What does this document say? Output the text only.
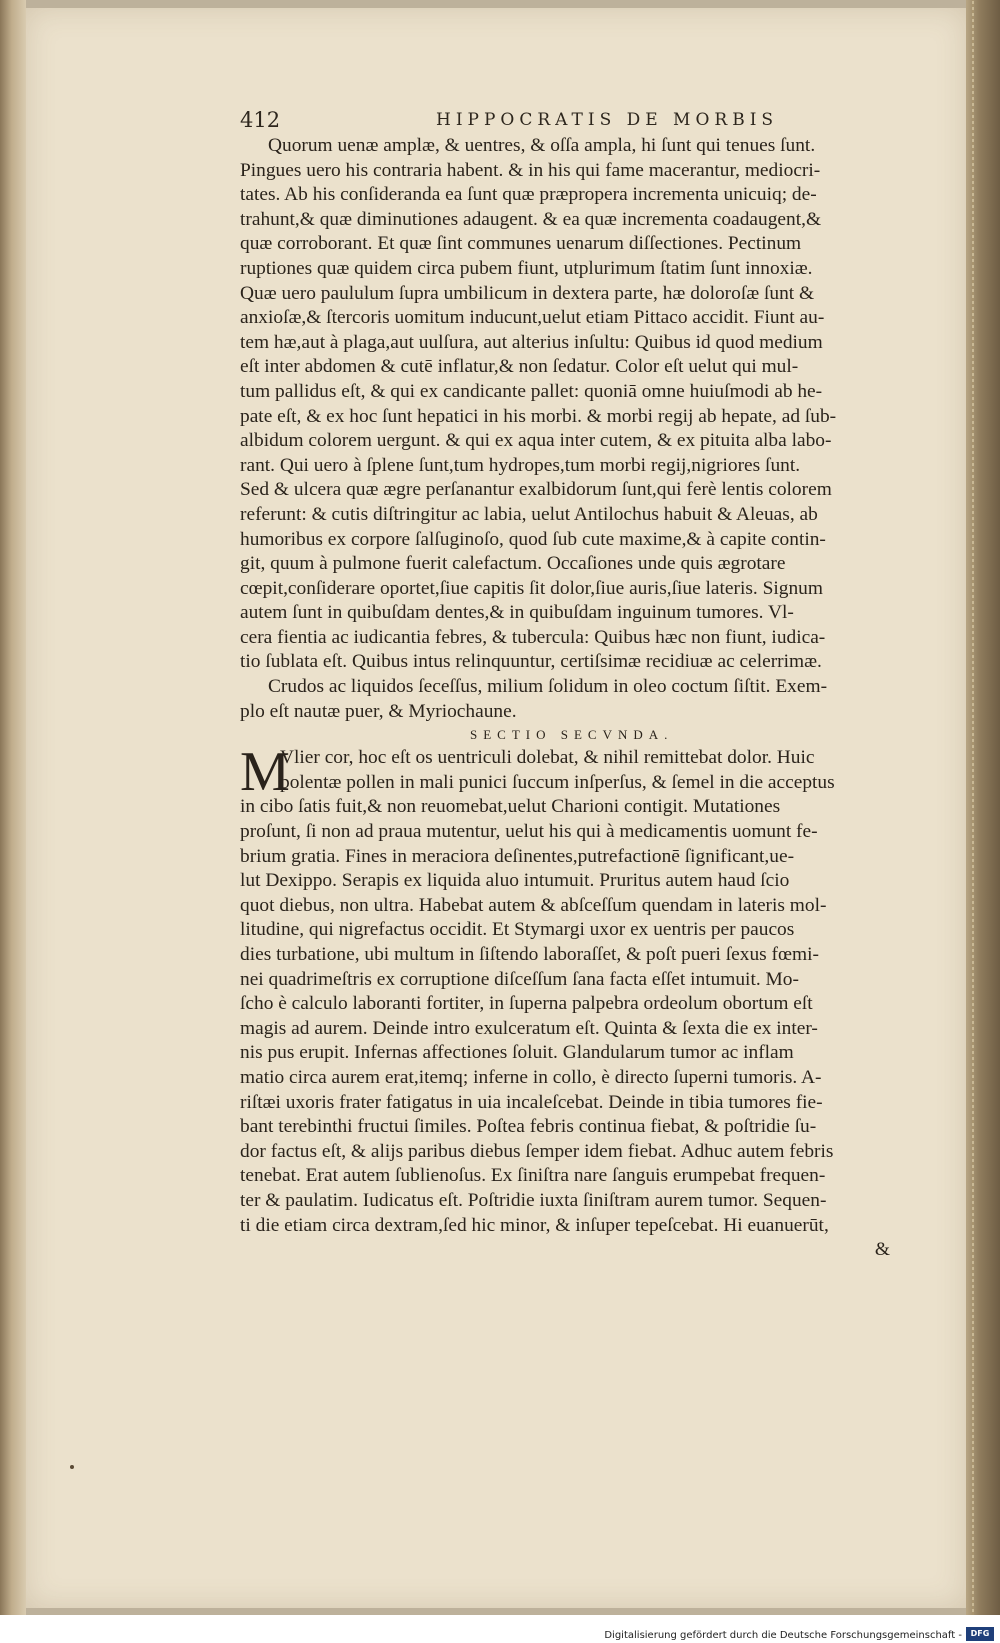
412	HIPPOCRATIS DE MORBIS
Quorum uenæ amplæ, & uentres, & oſſa ampla, hi ſunt qui tenues ſunt.
Pingues uero his contraria habent. & in his qui fame macerantur, mediocri-
tates. Ab his conſideranda ea ſunt quæ præpropera incrementa unicuiq; de-
trahunt,& quæ diminutiones adaugent. & ea quæ incrementa coadaugent,&
quæ corroborant. Et quæ ſint communes uenarum diſſectiones. Pectinum
ruptiones quæ quidem circa pubem fiunt, utplurimum ſtatim ſunt innoxiæ.
Quæ uero paululum ſupra umbilicum in dextera parte, hæ doloroſæ ſunt &
anxioſæ,& ſtercoris uomitum inducunt,uelut etiam Pittaco accidit. Fiunt au-
tem hæ,aut à plaga,aut uulſura, aut alterius inſultu: Quibus id quod medium
eſt inter abdomen & cutē inflatur,& non ſedatur. Color eſt uelut qui mul-
tum pallidus eſt, & qui ex candicante pallet: quoniā omne huiuſmodi ab he-
pate eſt, & ex hoc ſunt hepatici in his morbi. & morbi regij ab hepate, ad ſub-
albidum colorem uergunt. & qui ex aqua inter cutem, & ex pituita alba labo-
rant. Qui uero à ſplene ſunt,tum hydropes,tum morbi regij,nigriores ſunt.
Sed & ulcera quæ ægre perſanantur exalbidorum ſunt,qui ferè lentis colorem
referunt: & cutis diſtringitur ac labia, uelut Antilochus habuit & Aleuas, ab
humoribus ex corpore ſalſuginoſo, quod ſub cute maxime,& à capite contin-
git, quum à pulmone fuerit calefactum. Occaſiones unde quis ægrotare
cœpit,conſiderare oportet,ſiue capitis ſit dolor,ſiue auris,ſiue lateris. Signum
autem ſunt in quibuſdam dentes,& in quibuſdam inguinum tumores. Vl-
cera fientia ac iudicantia febres, & tubercula: Quibus hæc non fiunt, iudica-
tio ſublata eſt. Quibus intus relinquuntur, certiſsimæ recidiuæ ac celerrimæ.
Crudos ac liquidos ſeceſſus, milium ſolidum in oleo coctum ſiſtit. Exem-
plo eſt nautæ puer, & Myriochaune.
SECTIO SECVNDA.
M
Vlier cor, hoc eſt os uentriculi dolebat, & nihil remittebat dolor. Huic
polentæ pollen in mali punici ſuccum inſperſus, & ſemel in die acceptus
in cibo ſatis fuit,& non reuomebat,uelut Charioni contigit. Mutationes
proſunt, ſi non ad praua mutentur, uelut his qui à medicamentis uomunt fe-
brium gratia. Fines in meraciora deſinentes,putrefactionē ſignificant,ue-
lut Dexippo. Serapis ex liquida aluo intumuit. Pruritus autem haud ſcio
quot diebus, non ultra. Habebat autem & abſceſſum quendam in lateris mol-
litudine, qui nigrefactus occidit. Et Stymargi uxor ex uentris per paucos
dies turbatione, ubi multum in ſiſtendo laboraſſet, & poſt pueri ſexus fœmi-
nei quadrimeſtris ex corruptione diſceſſum ſana facta eſſet intumuit. Mo-
ſcho è calculo laboranti fortiter, in ſuperna palpebra ordeolum obortum eſt
magis ad aurem. Deinde intro exulceratum eſt. Quinta & ſexta die ex inter-
nis pus erupit. Infernas affectiones ſoluit. Glandularum tumor ac inflam
matio circa aurem erat,itemq; inferne in collo, è directo ſuperni tumoris. A-
riſtæi uxoris frater fatigatus in uia incaleſcebat. Deinde in tibia tumores fie-
bant terebinthi fructui ſimiles. Poſtea febris continua fiebat, & poſtridie ſu-
dor factus eſt, & alijs paribus diebus ſemper idem fiebat. Adhuc autem febris
tenebat. Erat autem ſublienoſus. Ex ſiniſtra nare ſanguis erumpebat frequen-
ter & paulatim. Iudicatus eſt. Poſtridie iuxta ſiniſtram aurem tumor. Sequen-
ti die etiam circa dextram,ſed hic minor, & inſuper tepeſcebat. Hi euanuerūt,
&
Digitalisierung gefördert durch die Deutsche Forschungsgemeinschaft -	DFG
